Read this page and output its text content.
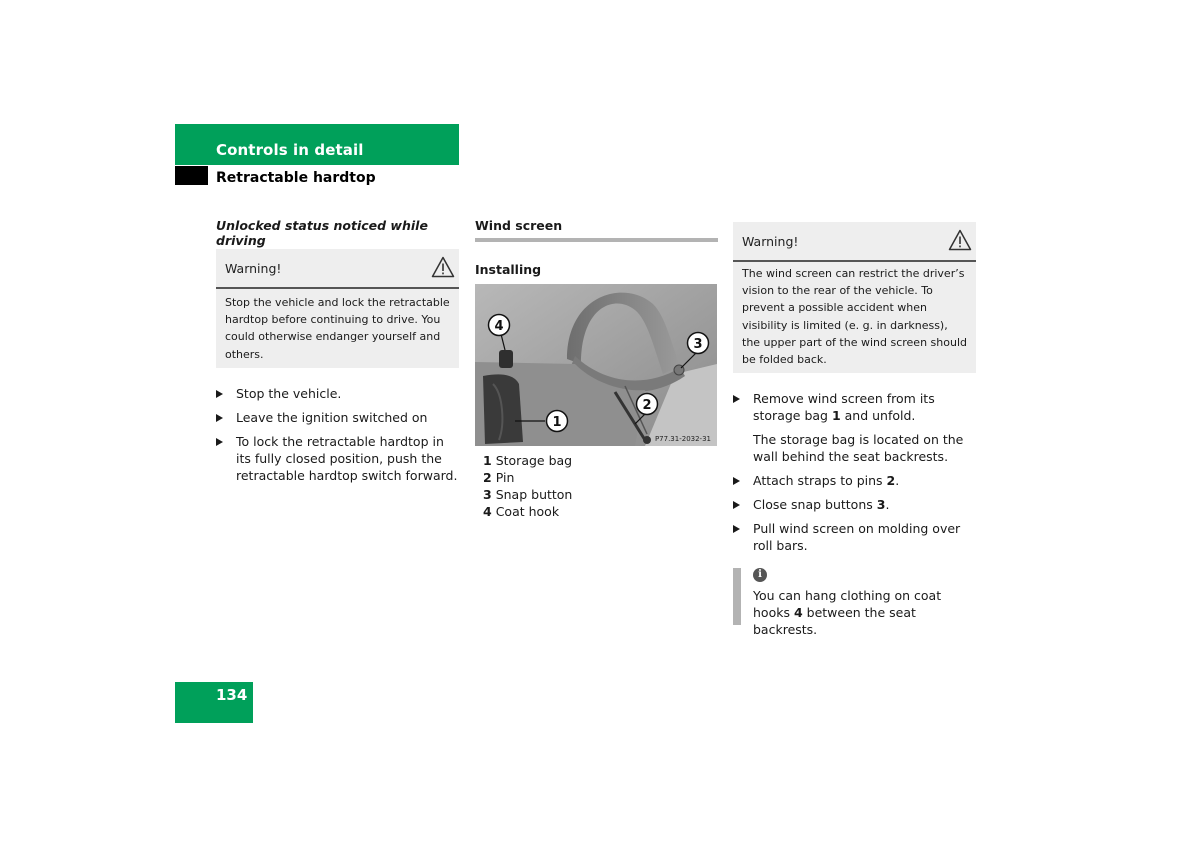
Controls in detail
Retractable hardtop

Unlocked status noticed while driving

Warning!
Stop the vehicle and lock the retractable hardtop before continuing to drive. You could otherwise endanger yourself and others.
Stop the vehicle.
Leave the ignition switched on
To lock the retractable hardtop in its fully closed position, push the retractable hardtop switch forward.

Wind screen

Installing

4
3
2
1
P77.31-2032-31
1 Storage bag
2 Pin
3 Snap button
4 Coat hook
Warning!
The wind screen can restrict the driver’s vision to the rear of the vehicle. To prevent a possible accident when visibility is limited (e. g. in darkness), the upper part of the wind screen should be folded back.
Remove wind screen from its storage bag 1 and unfold.

The storage bag is located on the wall behind the seat backrests.

Attach straps to pins 2.
Close snap buttons 3.
Pull wind screen on molding over roll bars.
i
You can hang clothing on coat hooks 4 between the seat backrests.
134
